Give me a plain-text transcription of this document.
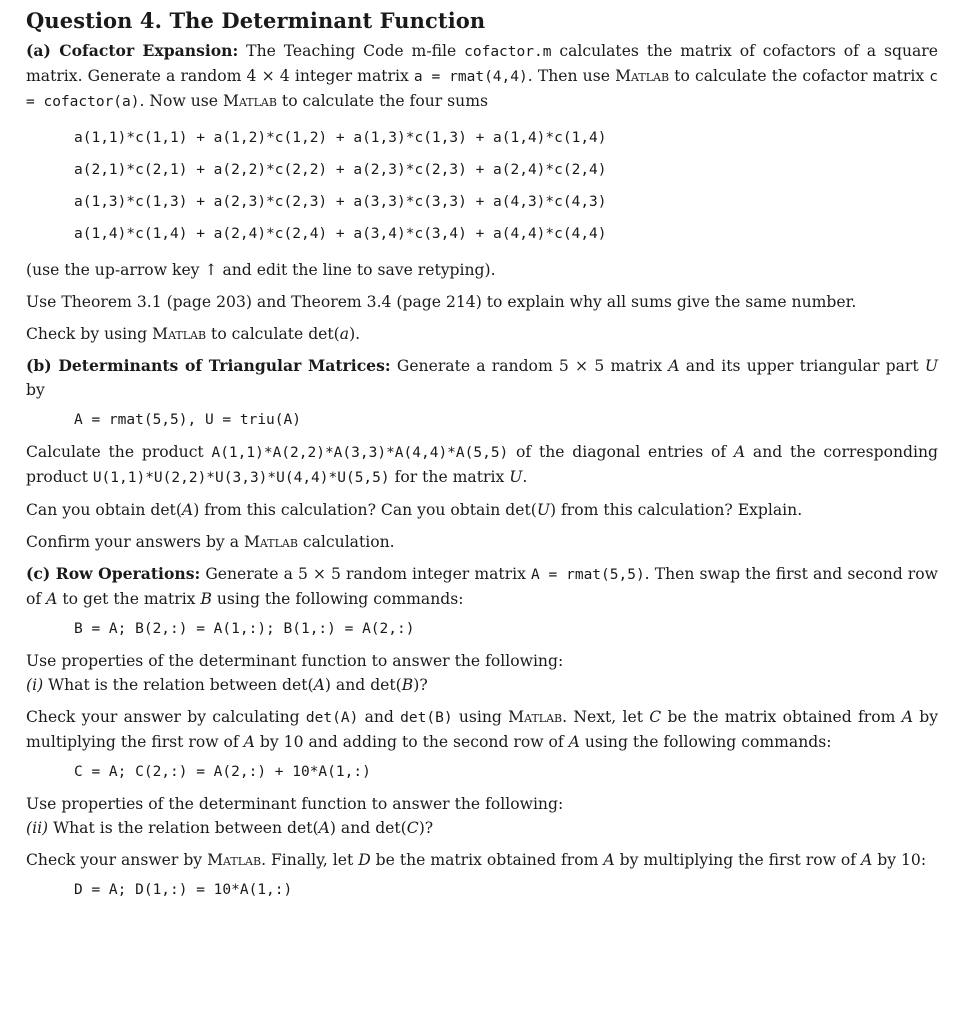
Question 4. The Determinant Function

(a) Cofactor Expansion: The Teaching Code m-file cofactor.m calculates the matrix of cofactors of a square matrix. Generate a random 4 × 4 integer matrix a = rmat(4,4). Then use Matlab to calculate the cofactor matrix c = cofactor(a). Now use Matlab to calculate the four sums

a(1,1)*c(1,1) + a(1,2)*c(1,2) + a(1,3)*c(1,3) + a(1,4)*c(1,4)
a(2,1)*c(2,1) + a(2,2)*c(2,2) + a(2,3)*c(2,3) + a(2,4)*c(2,4)
a(1,3)*c(1,3) + a(2,3)*c(2,3) + a(3,3)*c(3,3) + a(4,3)*c(4,3)
a(1,4)*c(1,4) + a(2,4)*c(2,4) + a(3,4)*c(3,4) + a(4,4)*c(4,4)

(use the up-arrow key ↑ and edit the line to save retyping).

Use Theorem 3.1 (page 203) and Theorem 3.4 (page 214) to explain why all sums give the same number.

Check by using Matlab to calculate det(a).

(b) Determinants of Triangular Matrices: Generate a random 5 × 5 matrix A and its upper triangular part U by

A = rmat(5,5), U = triu(A)

Calculate the product A(1,1)*A(2,2)*A(3,3)*A(4,4)*A(5,5) of the diagonal entries of A and the corresponding product U(1,1)*U(2,2)*U(3,3)*U(4,4)*U(5,5) for the matrix U.

Can you obtain det(A) from this calculation? Can you obtain det(U) from this calculation? Explain.

Confirm your answers by a Matlab calculation.

(c) Row Operations: Generate a 5 × 5 random integer matrix A = rmat(5,5). Then swap the first and second row of A to get the matrix B using the following commands:

B = A; B(2,:) = A(1,:); B(1,:) = A(2,:)

Use properties of the determinant function to answer the following:

(i) What is the relation between det(A) and det(B)?

Check your answer by calculating det(A) and det(B) using Matlab. Next, let C be the matrix obtained from A by multiplying the first row of A by 10 and adding to the second row of A using the following commands:

C = A; C(2,:) = A(2,:) + 10*A(1,:)

Use properties of the determinant function to answer the following:

(ii) What is the relation between det(A) and det(C)?

Check your answer by Matlab. Finally, let D be the matrix obtained from A by multiplying the first row of A by 10:

D = A; D(1,:) = 10*A(1,:)
